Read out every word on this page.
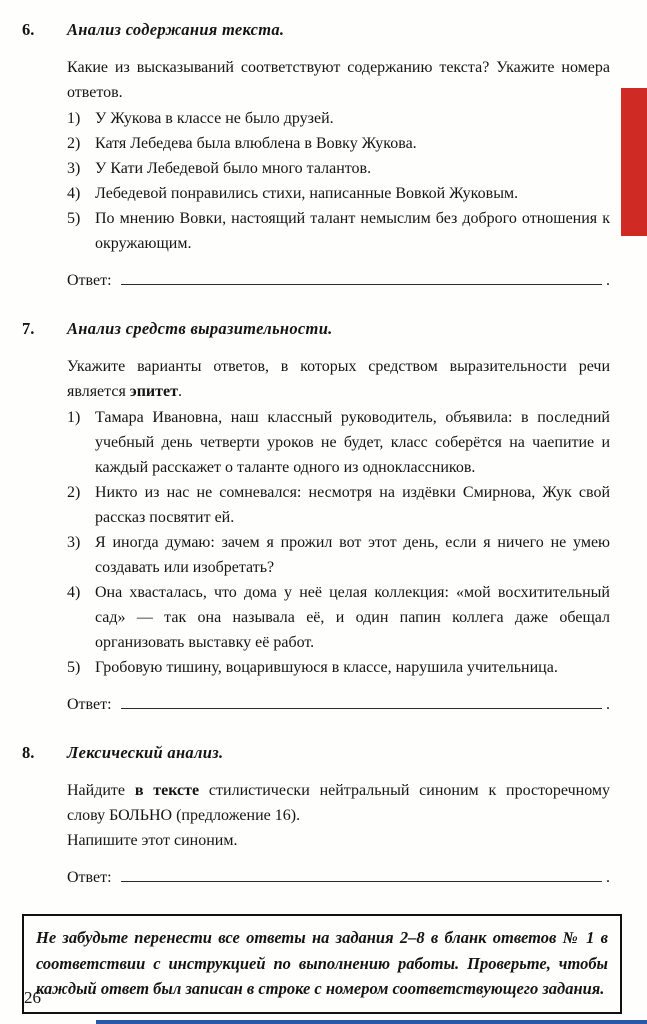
6.	Анализ содержания текста.

Какие из высказываний соответствуют содержанию текста? Укажите номера ответов.

1) У Жукова в классе не было друзей.
2) Катя Лебедева была влюблена в Вовку Жукова.
3) У Кати Лебедевой было много талантов.
4) Лебедевой понравились стихи, написанные Вовкой Жуковым.
5) По мнению Вовки, настоящий талант немыслим без доброго отношения к окружающим.
Ответ:	.
7.	Анализ средств выразительности.

Укажите варианты ответов, в которых средством выразительности речи является эпитет.

1) Тамара Ивановна, наш классный руководитель, объявила: в последний учебный день четверти уроков не будет, класс соберётся на чаепитие и каждый расскажет о таланте одного из одноклассников.
2) Никто из нас не сомневался: несмотря на издёвки Смирнова, Жук свой рассказ посвятит ей.
3) Я иногда думаю: зачем я прожил вот этот день, если я ничего не умею создавать или изобретать?
4) Она хвасталась, что дома у неё целая коллекция: «мой восхитительный сад» — так она называла её, и один папин коллега даже обещал организовать выставку её работ.
5) Гробовую тишину, воцарившуюся в классе, нарушила учительница.
Ответ:	.
8.	Лексический анализ.

Найдите в тексте стилистически нейтральный синоним к просторечному слову БОЛЬНО (предложение 16).

Напишите этот синоним.

Ответ:	.
Не забудьте перенести все ответы на задания 2–8 в бланк ответов № 1 в соответствии с инструкцией по выполнению работы. Проверьте, чтобы каждый ответ был записан в строке с номером соответствующего задания.
26
